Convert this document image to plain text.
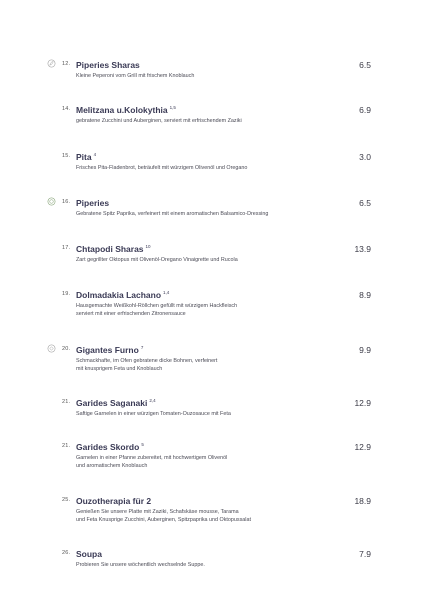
12. Piperies Sharas
Kleine Peperoni vom Grill mit frischem Knoblauch
6.5
14. Melitzana u.Kolokythia $^{1,5}$
gebratene Zucchini und Auberginen, serviert mit erfrischendem Zaziki
6.9
15. Pita $^4$
Frisches Pita-Fladenbrot, beträufelt mit würzigem Olivenöl und Oregano
3.0
16. Piperies
Gebratene Spitz Paprika, verfeinert mit einem aromatischen Balsamico-Dressing
6.5
17. Chtapodi Sharas $^{10}$
Zart gegrillter Oktopus mit Olivenöl-Oregano Vinaigrette und Rucola
13.9
19. Dolmadakia Lachano $^{1,4}$
Hausgemachte Weißkohl-Röllchen gefüllt mit würzigem Hackfleisch
serviert mit einer erfrischenden Zitronensauce
8.9
20. Gigantes Furno $^7$
Schmackhafte, im Ofen gebratene dicke Bohnen, verfeinert
mit knusprigem Feta und Knoblauch
9.9
21. Garides Saganaki $^{2,4}$
Saftige Garnelen in einer würzigen Tomaten-Ouzosauce mit Feta
12.9
21. Garides Skordo $^5$
Garnelen in einer Pfanne zubereitet, mit hochwertigem Olivenöl
und aromatischem Knoblauch
12.9
25. Ouzotherapia für 2
Genießen Sie unsere Platte mit Zaziki, Schafskäse mousse, Tarama
und Feta Knusprige Zucchini, Auberginen, Spitzpaprika und Oktopussalat
18.9
26. Soupa
Probieren Sie unsere wöchentlich wechselnde Suppe.
7.9
